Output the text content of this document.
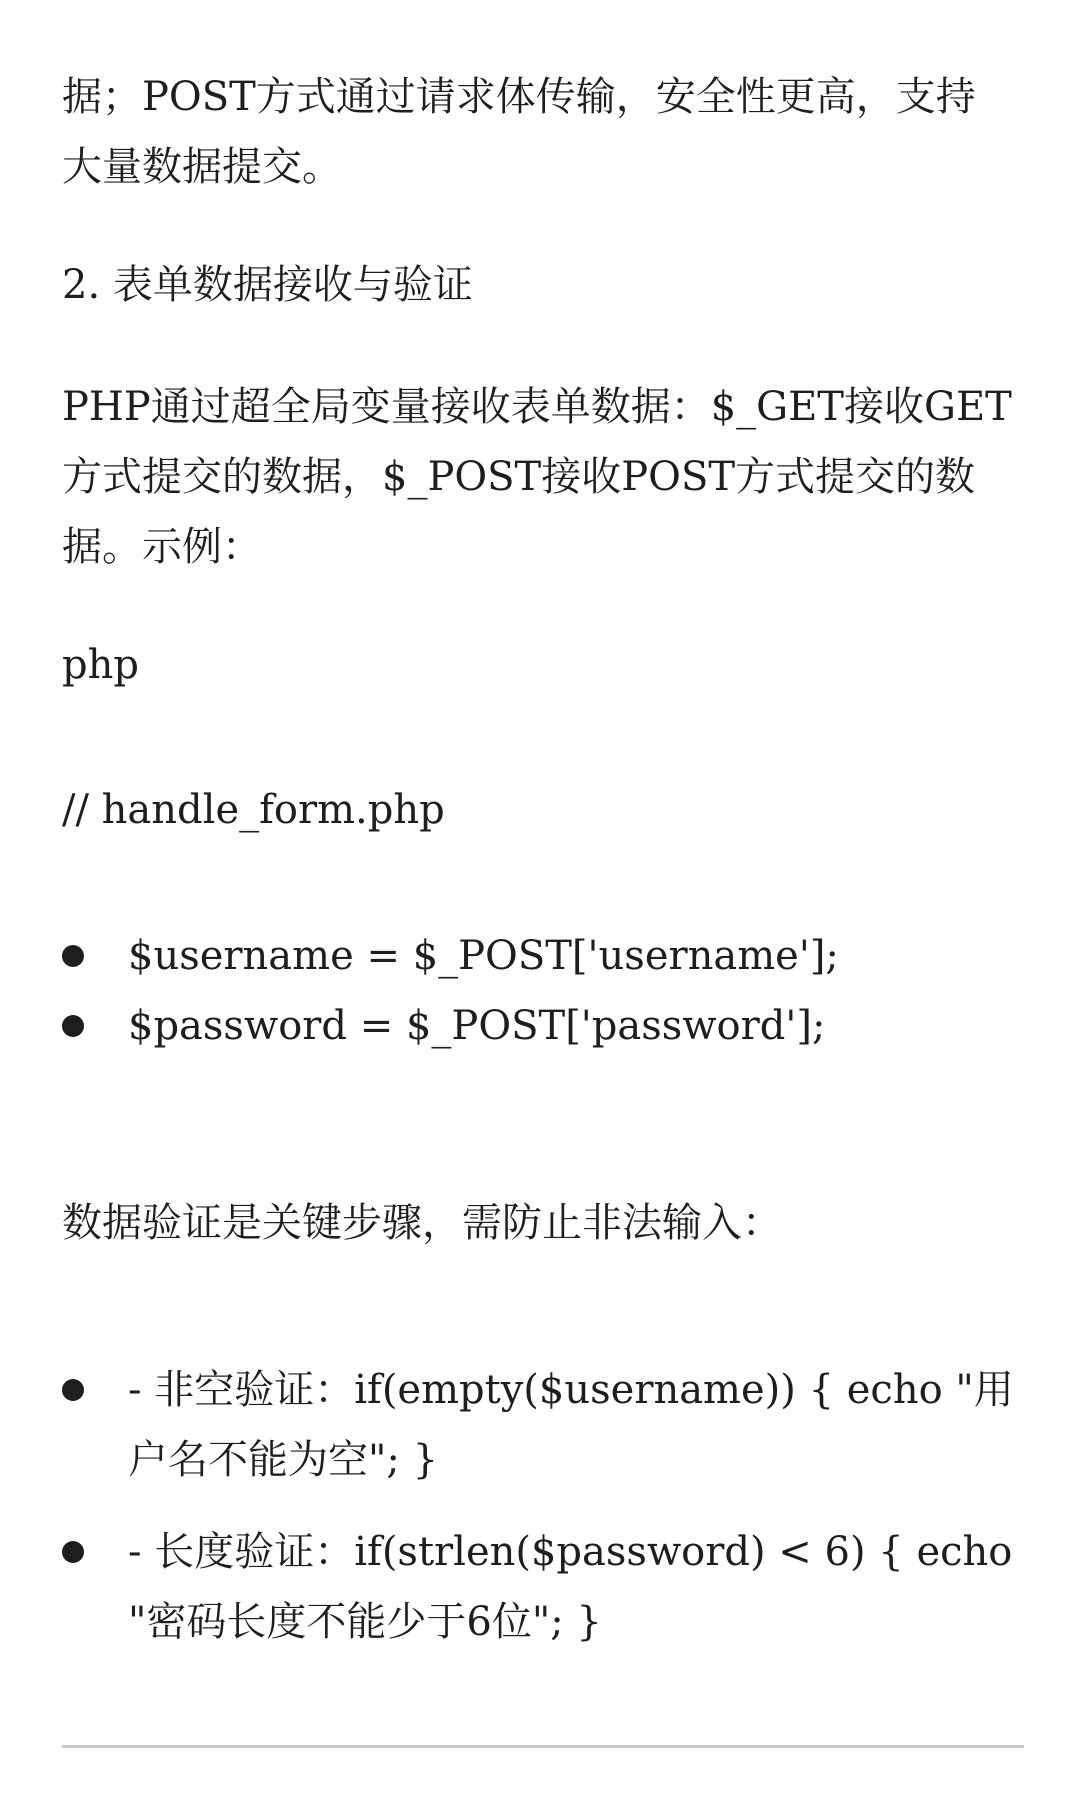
据；POST方式通过请求体传输，安全性更高，支持
大量数据提交。

2. 表单数据接收与验证

PHP通过超全局变量接收表单数据：$_GET接收GET
方式提交的数据，$_POST接收POST方式提交的数
据。示例：

php

// handle_form.php

$username = $_POST['username'];
$password = $_POST['password'];

数据验证是关键步骤，需防止非法输入：

- 非空验证：if(empty($username)) { echo "用
户名不能为空"; }
- 长度验证：if(strlen($password) < 6) { echo
"密码长度不能少于6位"; }
